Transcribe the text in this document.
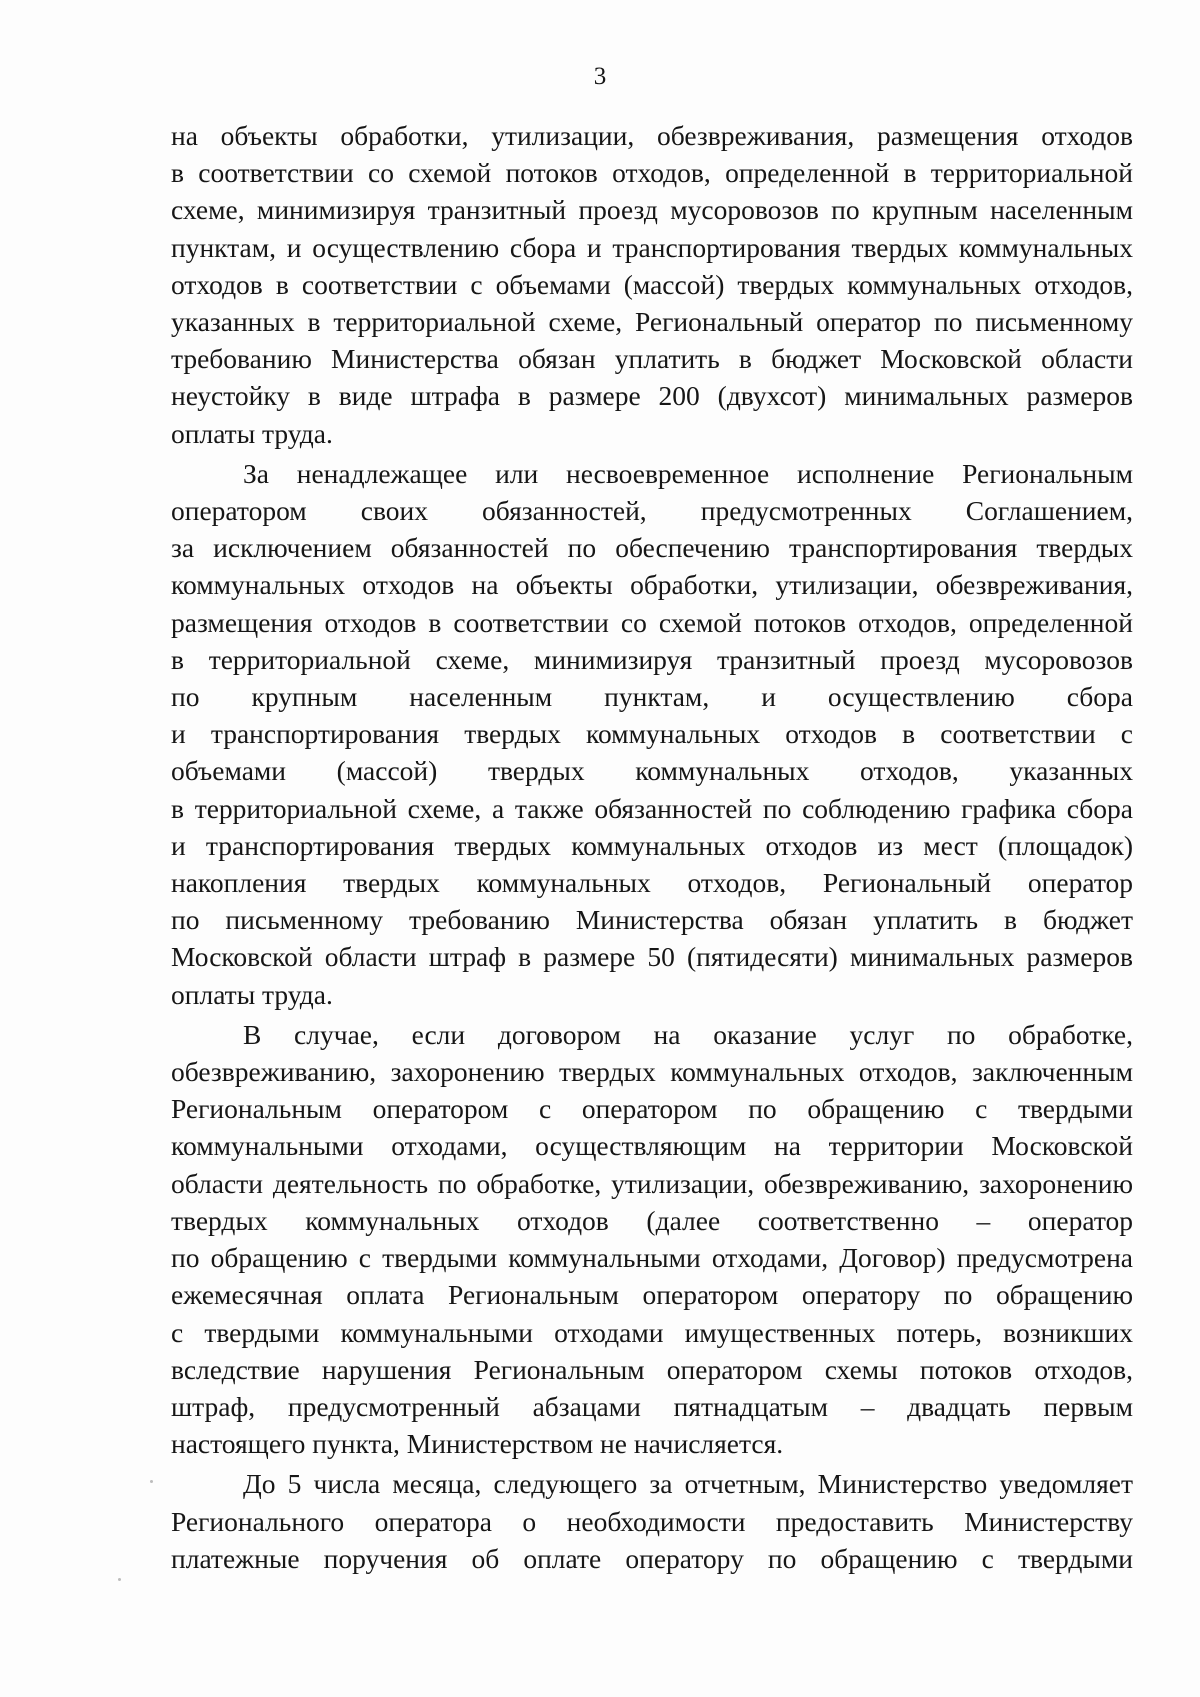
3

на объекты обработки, утилизации, обезвреживания, размещения отходов
в соответствии со схемой потоков отходов, определенной в территориальной
схеме, минимизируя транзитный проезд мусоровозов по крупным населенным
пунктам, и осуществлению сбора и транспортирования твердых коммунальных
отходов в соответствии с объемами (массой) твердых коммунальных отходов,
указанных в территориальной схеме, Региональный оператор по письменному
требованию Министерства обязан уплатить в бюджет Московской области
неустойку в виде штрафа в размере 200 (двухсот) минимальных размеров
оплаты труда.

За ненадлежащее или несвоевременное исполнение Региональным
оператором своих обязанностей, предусмотренных Соглашением,
за исключением обязанностей по обеспечению транспортирования твердых
коммунальных отходов на объекты обработки, утилизации, обезвреживания,
размещения отходов в соответствии со схемой потоков отходов, определенной
в территориальной схеме, минимизируя транзитный проезд мусоровозов
по крупным населенным пунктам, и осуществлению сбора
и транспортирования твердых коммунальных отходов в соответствии с
объемами (массой) твердых коммунальных отходов, указанных
в территориальной схеме, а также обязанностей по соблюдению графика сбора
и транспортирования твердых коммунальных отходов из мест (площадок)
накопления твердых коммунальных отходов, Региональный оператор
по письменному требованию Министерства обязан уплатить в бюджет
Московской области штраф в размере 50 (пятидесяти) минимальных размеров
оплаты труда.

В случае, если договором на оказание услуг по обработке,
обезвреживанию, захоронению твердых коммунальных отходов, заключенным
Региональным оператором с оператором по обращению с твердыми
коммунальными отходами, осуществляющим на территории Московской
области деятельность по обработке, утилизации, обезвреживанию, захоронению
твердых коммунальных отходов (далее соответственно – оператор
по обращению с твердыми коммунальными отходами, Договор) предусмотрена
ежемесячная оплата Региональным оператором оператору по обращению
с твердыми коммунальными отходами имущественных потерь, возникших
вследствие нарушения Региональным оператором схемы потоков отходов,
штраф, предусмотренный абзацами пятнадцатым – двадцать первым
настоящего пункта, Министерством не начисляется.

До 5 числа месяца, следующего за отчетным, Министерство уведомляет
Регионального оператора о необходимости предоставить Министерству
платежные поручения об оплате оператору по обращению с твердыми
